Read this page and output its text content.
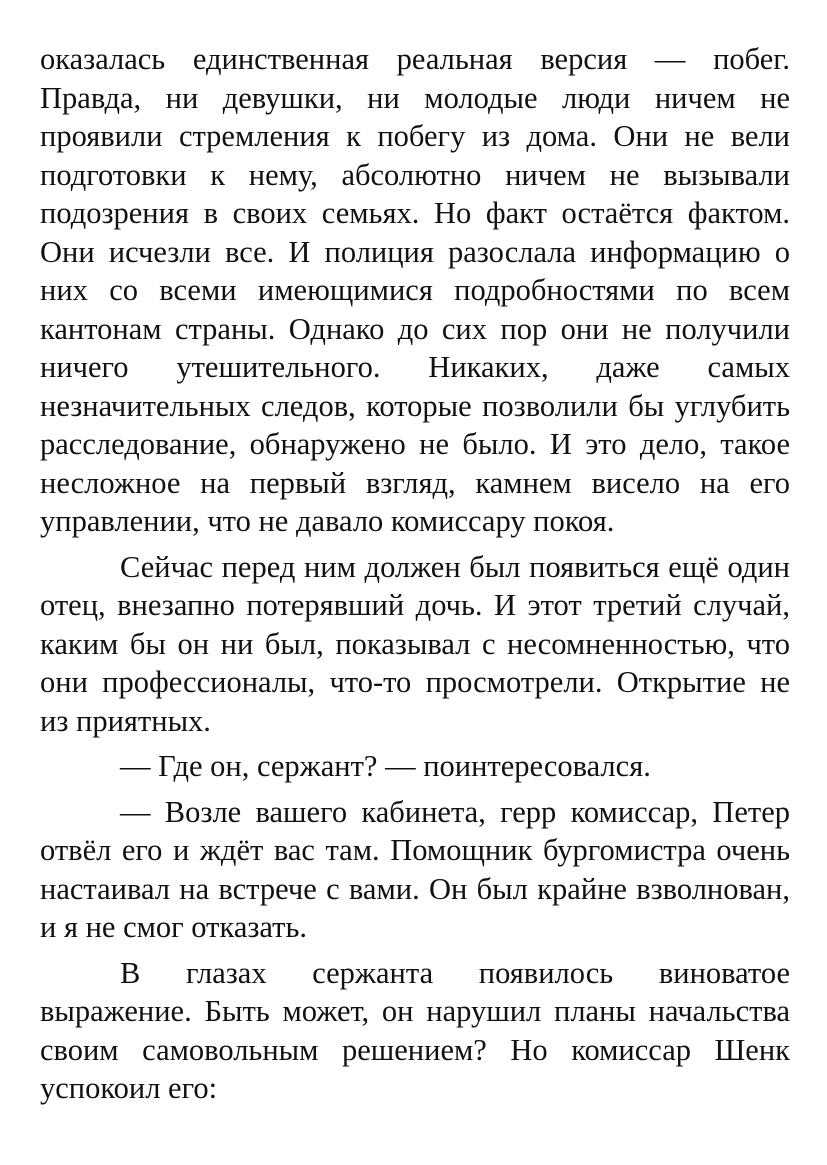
оказалась единственная реальная версия — побег. Правда, ни девушки, ни молодые люди ничем не проявили стремления к побегу из дома. Они не вели подготовки к нему, абсолютно ничем не вызывали подозрения в своих семьях. Но факт остаётся фактом. Они исчезли все. И полиция разослала информацию о них со всеми имеющимися подробностями по всем кантонам страны. Однако до сих пор они не получили ничего утешительного. Никаких, даже самых незначительных следов, которые позволили бы углубить расследование, обнаружено не было. И это дело, такое несложное на первый взгляд, камнем висело на его управлении, что не давало комиссару покоя.

Сейчас перед ним должен был появиться ещё один отец, внезапно потерявший дочь. И этот третий случай, каким бы он ни был, показывал с несомненностью, что они профессионалы, что-то просмотрели. Открытие не из приятных.

— Где он, сержант? — поинтересовался.

— Возле вашего кабинета, герр комиссар, Петер отвёл его и ждёт вас там. Помощник бургомистра очень настаивал на встрече с вами. Он был крайне взволнован, и я не смог отказать.

В глазах сержанта появилось виноватое выражение. Быть может, он нарушил планы начальства своим самовольным решением? Но комиссар Шенк успокоил его:
